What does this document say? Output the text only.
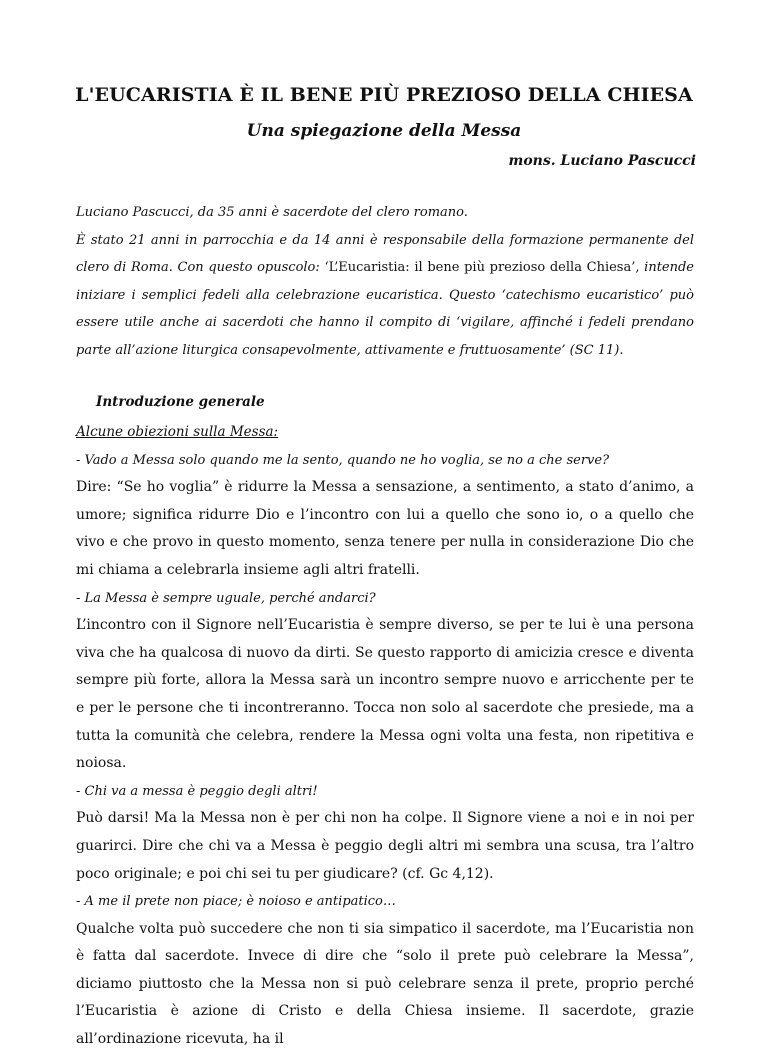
L'EUCARISTIA È IL BENE PIÙ PREZIOSO DELLA CHIESA
Una spiegazione della Messa
mons. Luciano Pascucci

Luciano Pascucci, da 35 anni è sacerdote del clero romano.

È stato 21 anni in parrocchia e da 14 anni è responsabile della formazione permanente del clero di Roma. Con questo opuscolo: ‘L’Eucaristia: il bene più prezioso della Chiesa’, intende iniziare i semplici fedeli alla celebrazione eucaristica. Questo ‘catechismo eucaristico’ può essere utile anche ai sacerdoti che hanno il compito di ‘vigilare, affinché i fedeli prendano parte all’azione liturgica consapevolmente, attivamente e fruttuosamente’ (SC 11).

Introduzione generale

Alcune obiezioni sulla Messa:

- Vado a Messa solo quando me la sento, quando ne ho voglia, se no a che serve?

Dire: “Se ho voglia” è ridurre la Messa a sensazione, a sentimento, a stato d’animo, a umore; significa ridurre Dio e l’incontro con lui a quello che sono io, o a quello che vivo e che provo in questo momento, senza tenere per nulla in considerazione Dio che mi chiama a celebrarla insieme agli altri fratelli.

- La Messa è sempre uguale, perché andarci?

L’incontro con il Signore nell’Eucaristia è sempre diverso, se per te lui è una persona viva che ha qualcosa di nuovo da dirti. Se questo rapporto di amicizia cresce e diventa sempre più forte, allora la Messa sarà un incontro sempre nuovo e arricchente per te e per le persone che ti incontreranno. Tocca non solo al sacerdote che presiede, ma a tutta la comunità che celebra, rendere la Messa ogni volta una festa, non ripetitiva e noiosa.

- Chi va a messa è peggio degli altri!

Può darsi! Ma la Messa non è per chi non ha colpe. Il Signore viene a noi e in noi per guarirci. Dire che chi va a Messa è peggio degli altri mi sembra una scusa, tra l’altro poco originale; e poi chi sei tu per giudicare? (cf. Gc 4,12).

- A me il prete non piace; è noioso e antipatico…

Qualche volta può succedere che non ti sia simpatico il sacerdote, ma l’Eucaristia non è fatta dal sacerdote. Invece di dire che “solo il prete può celebrare la Messa”, diciamo piuttosto che la Messa non si può celebrare senza il prete, proprio perché l’Eucaristia è azione di Cristo e della Chiesa insieme. Il sacerdote, grazie all’ordinazione ricevuta, ha il
